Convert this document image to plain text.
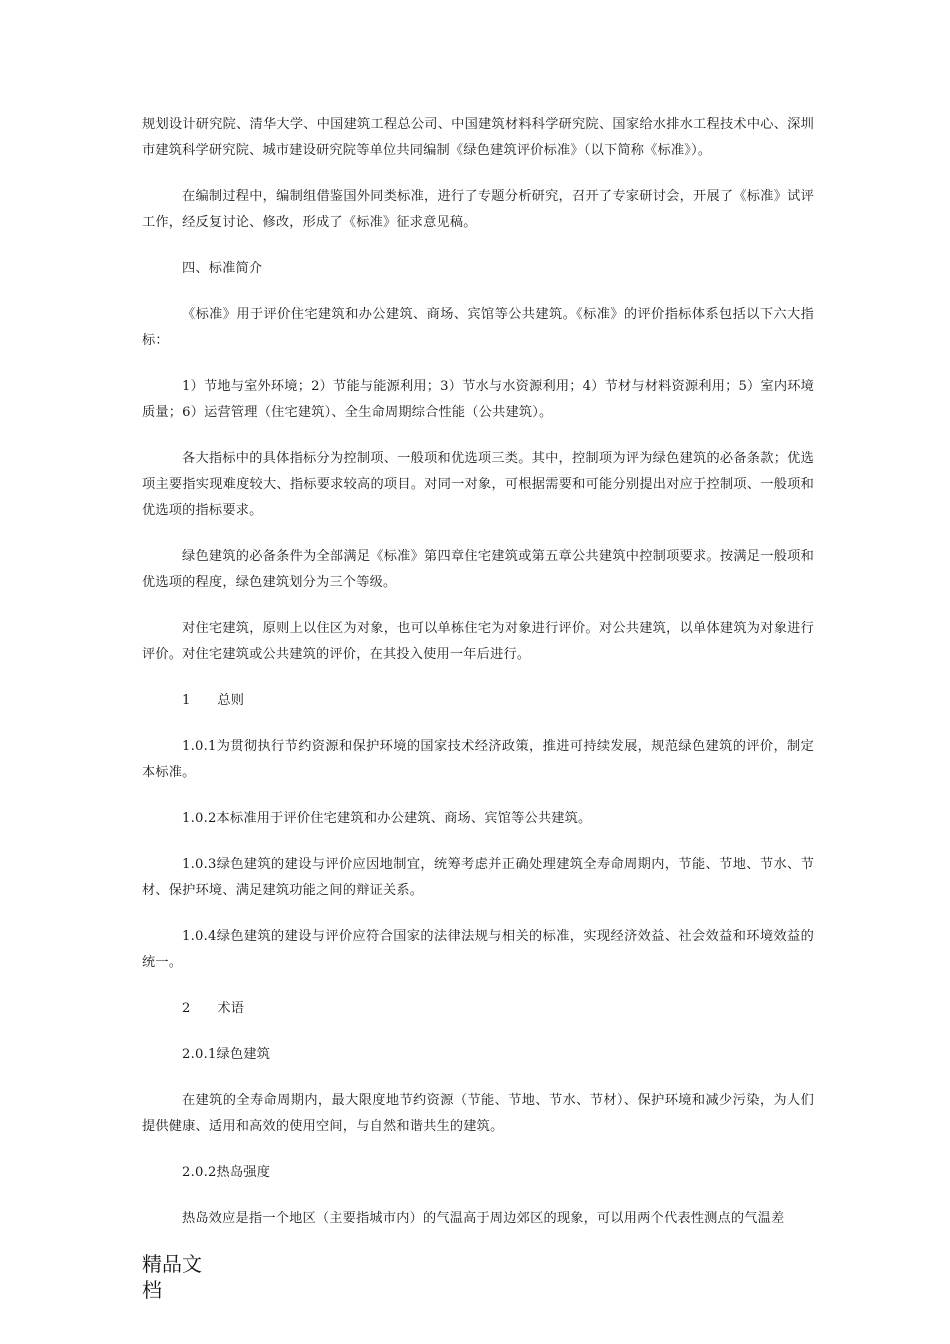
规划设计研究院、清华大学、中国建筑工程总公司、中国建筑材料科学研究院、国家给水排水工程技术中心、深圳市建筑科学研究院、城市建设研究院等单位共同编制《绿色建筑评价标准》（以下简称《标准》）。

在编制过程中，编制组借鉴国外同类标准，进行了专题分析研究，召开了专家研讨会，开展了《标准》试评工作，经反复讨论、修改，形成了《标准》征求意见稿。

四、标准简介

《标准》用于评价住宅建筑和办公建筑、商场、宾馆等公共建筑。《标准》的评价指标体系包括以下六大指标：

1）节地与室外环境；2）节能与能源利用；3）节水与水资源利用；4）节材与材料资源利用；5）室内环境质量；6）运营管理（住宅建筑）、全生命周期综合性能（公共建筑）。

各大指标中的具体指标分为控制项、一般项和优选项三类。其中，控制项为评为绿色建筑的必备条款；优选项主要指实现难度较大、指标要求较高的项目。对同一对象，可根据需要和可能分别提出对应于控制项、一般项和优选项的指标要求。

绿色建筑的必备条件为全部满足《标准》第四章住宅建筑或第五章公共建筑中控制项要求。按满足一般项和优选项的程度，绿色建筑划分为三个等级。

对住宅建筑，原则上以住区为对象，也可以单栋住宅为对象进行评价。对公共建筑，以单体建筑为对象进行评价。对住宅建筑或公共建筑的评价，在其投入使用一年后进行。

1　　总则

1.0.1为贯彻执行节约资源和保护环境的国家技术经济政策，推进可持续发展，规范绿色建筑的评价，制定本标准。

1.0.2本标准用于评价住宅建筑和办公建筑、商场、宾馆等公共建筑。

1.0.3绿色建筑的建设与评价应因地制宜，统筹考虑并正确处理建筑全寿命周期内，节能、节地、节水、节材、保护环境、满足建筑功能之间的辩证关系。

1.0.4绿色建筑的建设与评价应符合国家的法律法规与相关的标准，实现经济效益、社会效益和环境效益的统一。

2　　术语

2.0.1绿色建筑

在建筑的全寿命周期内，最大限度地节约资源（节能、节地、节水、节材）、保护环境和减少污染，为人们提供健康、适用和高效的使用空间，与自然和谐共生的建筑。

2.0.2热岛强度

热岛效应是指一个地区（主要指城市内）的气温高于周边郊区的现象，可以用两个代表性测点的气温差

精品文
档
